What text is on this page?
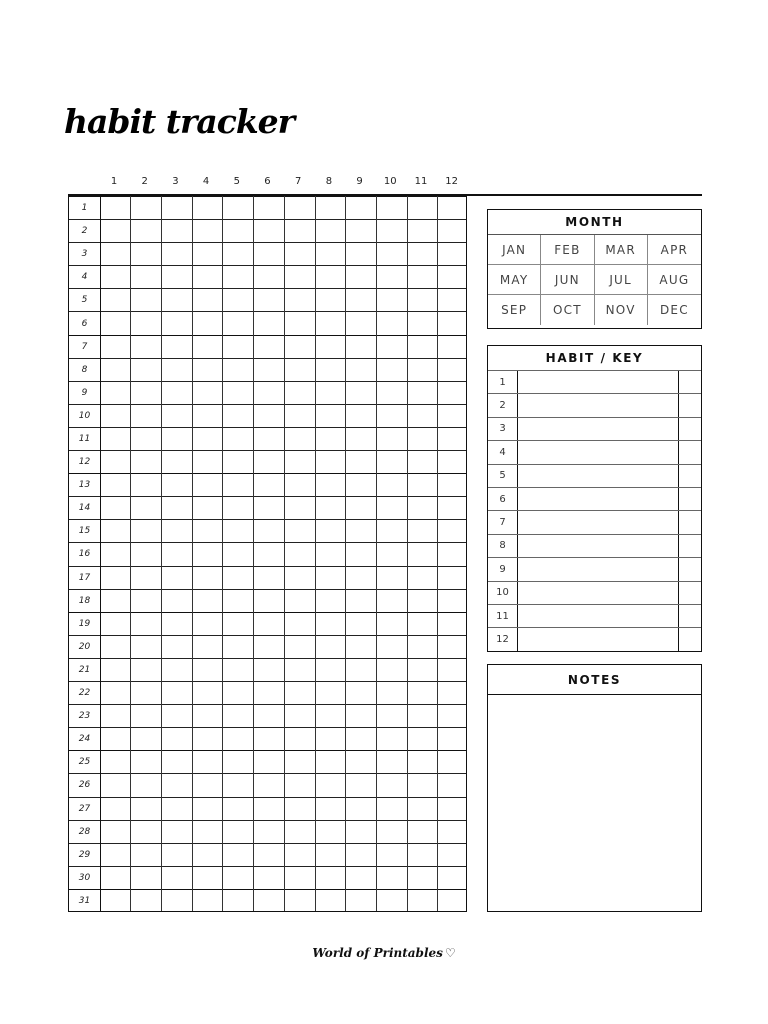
habit tracker
1	2	3	4	5	6	7	8	9	10	11	12
1
2
3
4
5
6
7
8
9
10
11
12
13
14
15
16
17
18
19
20
21
22
23
24
25
26
27
28
29
30
31
MONTH
JAN	FEB	MAR	APR
MAY	JUN	JUL	AUG
SEP	OCT	NOV	DEC
HABIT / KEY
1
2
3
4
5
6
7
8
9
10
11
12
NOTES
World of Printables ♡
